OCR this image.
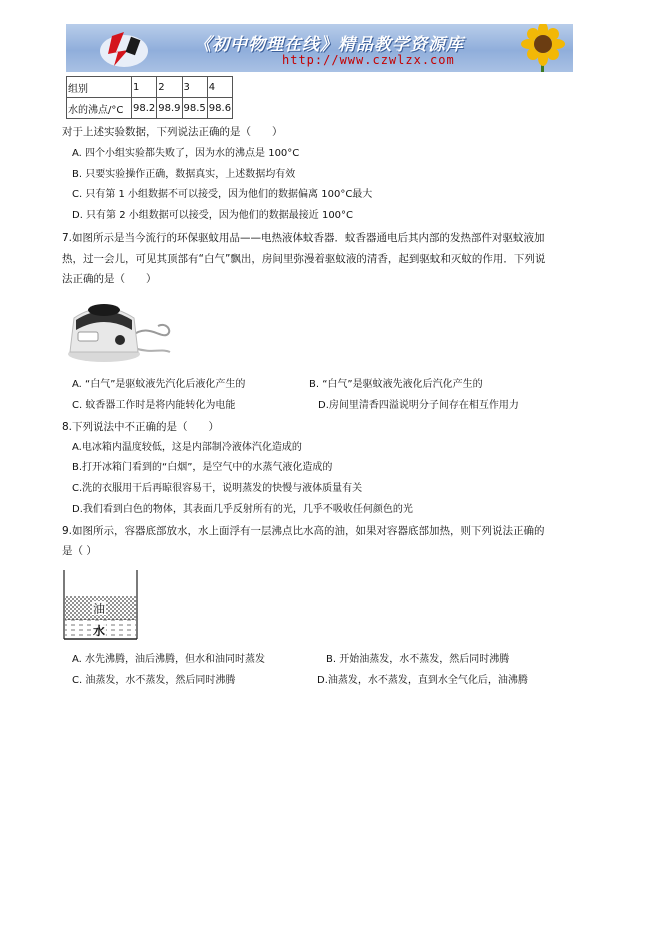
《初中物理在线》精品教学资源库
http://www.czwlzx.com
组别	1	2	3	4
水的沸点/°C	98.2	98.9	98.5	98.6
对于上述实验数据，下列说法正确的是（　　）
A. 四个小组实验都失败了，因为水的沸点是 100°C
B. 只要实验操作正确，数据真实，上述数据均有效
C. 只有第 1 小组数据不可以接受，因为他们的数据偏离 100°C最大
D. 只有第 2 小组数据可以接受，因为他们的数据最接近 100°C
7.如图所示是当今流行的环保驱蚊用品——电热液体蚊香器．蚊香器通电后其内部的发热部件对驱蚊液加
热，过一会儿，可见其顶部有“白气”飘出，房间里弥漫着驱蚊液的清香，起到驱蚊和灭蚊的作用．下列说
法正确的是（　　）
A. “白气”是驱蚊液先汽化后液化产生的	B. “白气”是驱蚊液先液化后汽化产生的
C. 蚊香器工作时是将内能转化为电能	D.房间里清香四溢说明分子间存在相互作用力
8.下列说法中不正确的是（　　）
A.电冰箱内温度较低，这是内部制冷液体汽化造成的
B.打开冰箱门看到的“白烟”，是空气中的水蒸气液化造成的
C.洗的衣服用干后再晾很容易干，说明蒸发的快慢与液体质量有关
D.我们看到白色的物体，其表面几乎反射所有的光，几乎不吸收任何颜色的光
9.如图所示，容器底部放水，水上面浮有一层沸点比水高的油，如果对容器底部加热，则下列说法正确的
是（ ）
油
水
A. 水先沸腾，油后沸腾，但水和油同时蒸发	B. 开始油蒸发，水不蒸发，然后同时沸腾
C. 油蒸发，水不蒸发，然后同时沸腾	D.油蒸发，水不蒸发，直到水全气化后，油沸腾
